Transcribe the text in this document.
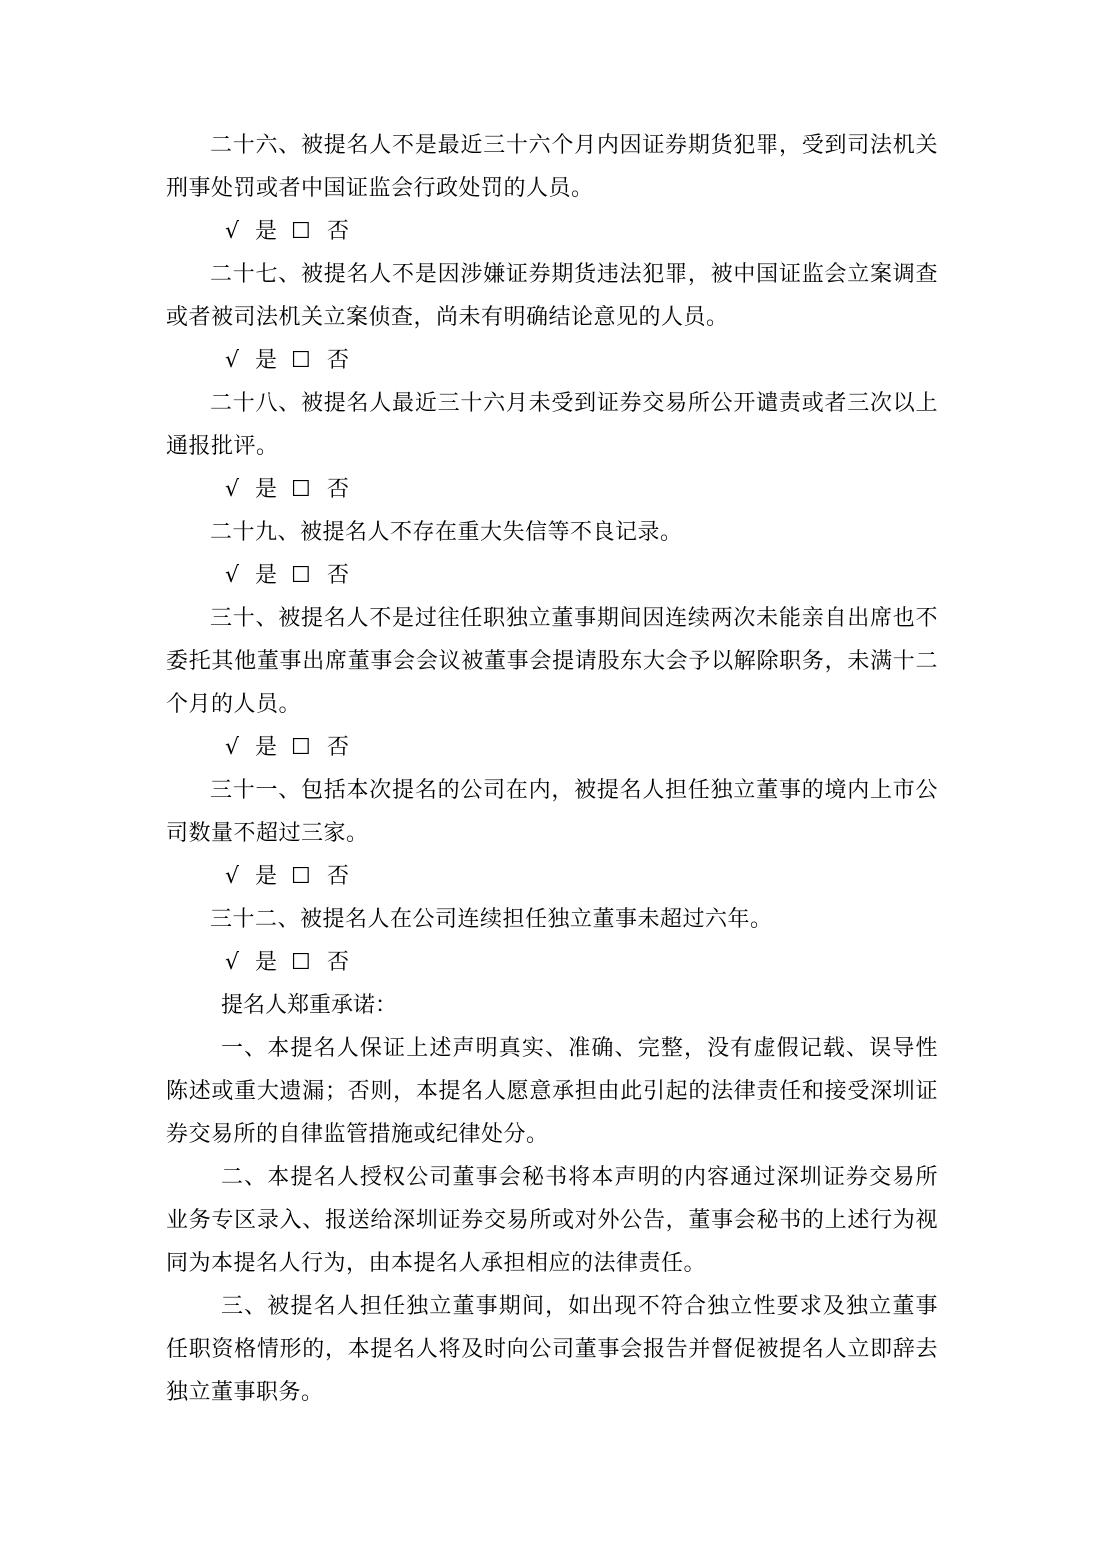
二十六、被提名人不是最近三十六个月内因证券期货犯罪，受到司法机关刑事处罚或者中国证监会行政处罚的人员。

√ 是 ☐ 否

二十七、被提名人不是因涉嫌证券期货违法犯罪，被中国证监会立案调查或者被司法机关立案侦查，尚未有明确结论意见的人员。

√ 是 ☐ 否

二十八、被提名人最近三十六月未受到证券交易所公开谴责或者三次以上通报批评。

√ 是 ☐ 否

二十九、被提名人不存在重大失信等不良记录。

√ 是 ☐ 否

三十、被提名人不是过往任职独立董事期间因连续两次未能亲自出席也不委托其他董事出席董事会会议被董事会提请股东大会予以解除职务，未满十二个月的人员。

√ 是 ☐ 否

三十一、包括本次提名的公司在内，被提名人担任独立董事的境内上市公司数量不超过三家。

√ 是 ☐ 否

三十二、被提名人在公司连续担任独立董事未超过六年。

√ 是 ☐ 否

提名人郑重承诺：

一、本提名人保证上述声明真实、准确、完整，没有虚假记载、误导性陈述或重大遗漏；否则，本提名人愿意承担由此引起的法律责任和接受深圳证券交易所的自律监管措施或纪律处分。

二、本提名人授权公司董事会秘书将本声明的内容通过深圳证券交易所业务专区录入、报送给深圳证券交易所或对外公告，董事会秘书的上述行为视同为本提名人行为，由本提名人承担相应的法律责任。

三、被提名人担任独立董事期间，如出现不符合独立性要求及独立董事任职资格情形的，本提名人将及时向公司董事会报告并督促被提名人立即辞去独立董事职务。
